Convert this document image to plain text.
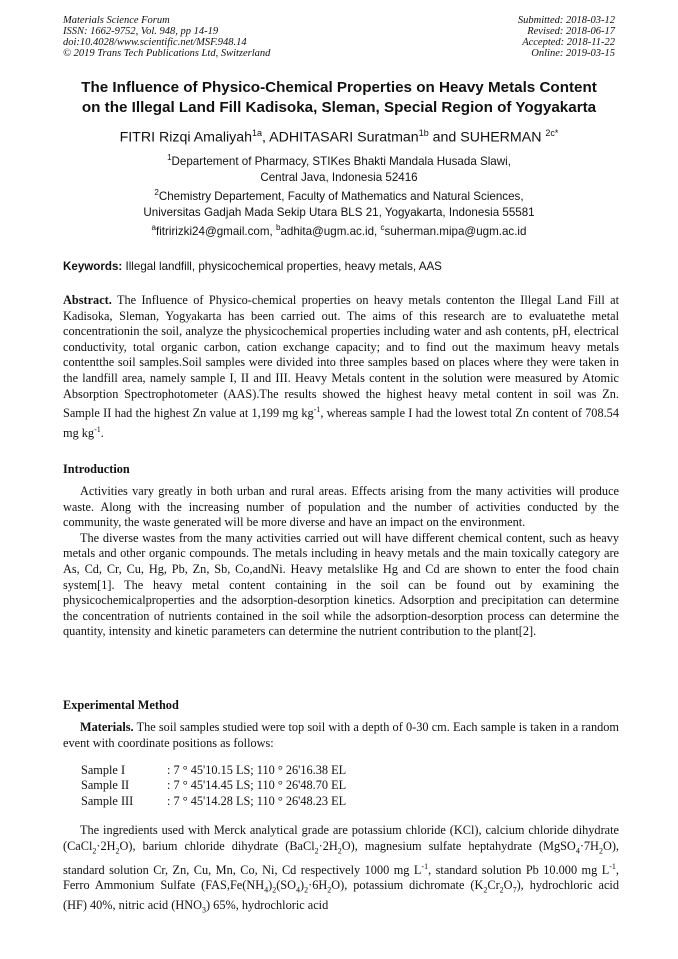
Materials Science Forum
ISSN: 1662-9752, Vol. 948, pp 14-19
doi:10.4028/www.scientific.net/MSF.948.14
© 2019 Trans Tech Publications Ltd, Switzerland
Submitted: 2018-03-12
Revised: 2018-06-17
Accepted: 2018-11-22
Online: 2019-03-15
The Influence of Physico-Chemical Properties on Heavy Metals Content
on the Illegal Land Fill Kadisoka, Sleman, Special Region of Yogyakarta
FITRI Rizqi Amaliyah$^{1a}$, ADHITASARI Suratman$^{1b}$ and SUHERMAN $^{2c*}$
$^1$Departement of Pharmacy, STIKes Bhakti Mandala Husada Slawi,
Central Java, Indonesia 52416
$^2$Chemistry Departement, Faculty of Mathematics and Natural Sciences,
Universitas Gadjah Mada Sekip Utara BLS 21, Yogyakarta, Indonesia 55581
$^a$fitririzki24@gmail.com, $^b$adhita@ugm.ac.id, $^c$suherman.mipa@ugm.ac.id
Keywords: Illegal landfill, physicochemical properties, heavy metals, AAS
Abstract. The Influence of Physico-chemical properties on heavy metals contenton the Illegal Land Fill at Kadisoka, Sleman, Yogyakarta has been carried out. The aims of this research are to evaluatethe metal concentrationin the soil, analyze the physicochemical properties including water and ash contents, pH, electrical conductivity, total organic carbon, cation exchange capacity; and to find out the maximum heavy metals contentthe soil samples.Soil samples were divided into three samples based on places where they were taken in the landfill area, namely sample I, II and III. Heavy Metals content in the solution were measured by Atomic Absorption Spectrophotometer (AAS).The results showed the highest heavy metal content in soil was Zn. Sample II had the highest Zn value at 1,199 mg $kg^{-1}$, whereas sample I had the lowest total Zn content of 708.54 mg $kg^{-1}$.
Introduction

Activities vary greatly in both urban and rural areas. Effects arising from the many activities will produce waste. Along with the increasing number of population and the number of activities conducted by the community, the waste generated will be more diverse and have an impact on the environment.

The diverse wastes from the many activities carried out will have different chemical content, such as heavy metals and other organic compounds. The metals including in heavy metals and the main toxically category are As, Cd, Cr, Cu, Hg, Pb, Zn, Sb, Co,andNi. Heavy metalslike Hg and Cd are shown to enter the food chain system[1]. The heavy metal content containing in the soil can be found out by examining the physicochemicalproperties and the adsorption-desorption kinetics. Adsorption and precipitation can determine the concentration of nutrients contained in the soil while the adsorption-desorption process can determine the quantity, intensity and kinetic parameters can determine the nutrient contribution to the plant[2].

Experimental Method

Materials. The soil samples studied were top soil with a depth of 0-30 cm. Each sample is taken in a random event with coordinate positions as follows:

Sample I	: 7 ° 45'10.15 LS; 110 ° 26'16.38 EL
Sample II	: 7 ° 45'14.45 LS; 110 ° 26'48.70 EL
Sample III	: 7 ° 45'14.28 LS; 110 ° 26'48.23 EL

The ingredients used with Merck analytical grade are potassium chloride (KCl), calcium chloride dihydrate $(CaCl_2\cdot 2H_2O)$, barium chloride dihydrate $(BaCl_2\cdot 2H_2O)$, magnesium sulfate heptahydrate $(MgSO_4\cdot 7H_2O)$, standard solution Cr, Zn, Cu, Mn, Co, Ni, Cd respectively 1000 mg $L^{-1}$, standard solution Pb 10.000 mg $L^{-1}$, Ferro Ammonium Sulfate $(FAS,Fe(NH_4)_2(SO_4)_2\cdot 6H_2O)$, potassium dichromate $(K_2Cr_2O_7)$, hydrochloric acid (HF) 40%, nitric acid $(HNO_3)$ 65%, hydrochloric acid
